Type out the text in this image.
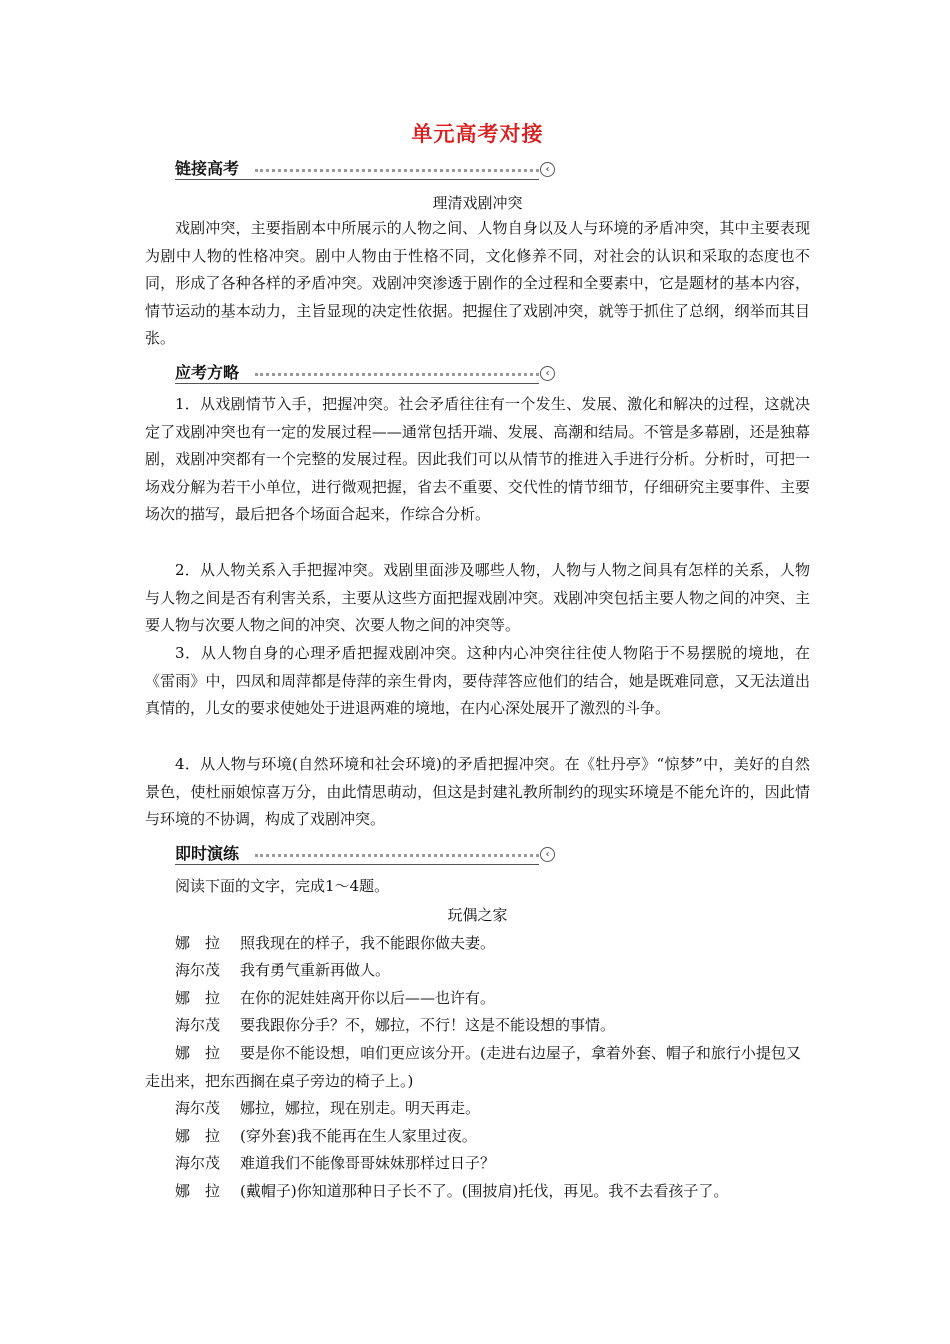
单元高考对接
链接高考	‹
理清戏剧冲突

戏剧冲突，主要指剧本中所展示的人物之间、人物自身以及人与环境的矛盾冲突，其中主要表现为剧中人物的性格冲突。剧中人物由于性格不同，文化修养不同，对社会的认识和采取的态度也不同，形成了各种各样的矛盾冲突。戏剧冲突渗透于剧作的全过程和全要素中，它是题材的基本内容，情节运动的基本动力，主旨显现的决定性依据。把握住了戏剧冲突，就等于抓住了总纲，纲举而其目张。

应考方略	‹

1．从戏剧情节入手，把握冲突。社会矛盾往往有一个发生、发展、激化和解决的过程，这就决定了戏剧冲突也有一定的发展过程——通常包括开端、发展、高潮和结局。不管是多幕剧，还是独幕剧，戏剧冲突都有一个完整的发展过程。因此我们可以从情节的推进入手进行分析。分析时，可把一场戏分解为若干小单位，进行微观把握，省去不重要、交代性的情节细节，仔细研究主要事件、主要场次的描写，最后把各个场面合起来，作综合分析。

2．从人物关系入手把握冲突。戏剧里面涉及哪些人物，人物与人物之间具有怎样的关系，人物与人物之间是否有利害关系，主要从这些方面把握戏剧冲突。戏剧冲突包括主要人物之间的冲突、主要人物与次要人物之间的冲突、次要人物之间的冲突等。

3．从人物自身的心理矛盾把握戏剧冲突。这种内心冲突往往使人物陷于不易摆脱的境地，在《雷雨》中，四凤和周萍都是侍萍的亲生骨肉，要侍萍答应他们的结合，她是既难同意，又无法道出真情的，儿女的要求使她处于进退两难的境地，在内心深处展开了激烈的斗争。

4．从人物与环境(自然环境和社会环境)的矛盾把握冲突。在《牡丹亭》“惊梦”中，美好的自然景色，使杜丽娘惊喜万分，由此情思萌动，但这是封建礼教所制约的现实环境是不能允许的，因此情与环境的不协调，构成了戏剧冲突。

即时演练	‹

阅读下面的文字，完成1～4题。

玩偶之家

娜　拉 照我现在的样子，我不能跟你做夫妻。

海尔茂 我有勇气重新再做人。

娜　拉 在你的泥娃娃离开你以后——也许有。

海尔茂 要我跟你分手？不，娜拉，不行！这是不能设想的事情。

娜　拉 要是你不能设想，咱们更应该分开。(走进右边屋子，拿着外套、帽子和旅行小提包又走出来，把东西搁在桌子旁边的椅子上。)

海尔茂 娜拉，娜拉，现在别走。明天再走。

娜　拉 (穿外套)我不能再在生人家里过夜。

海尔茂 难道我们不能像哥哥妹妹那样过日子？

娜　拉 (戴帽子)你知道那种日子长不了。(围披肩)托伐，再见。我不去看孩子了。
